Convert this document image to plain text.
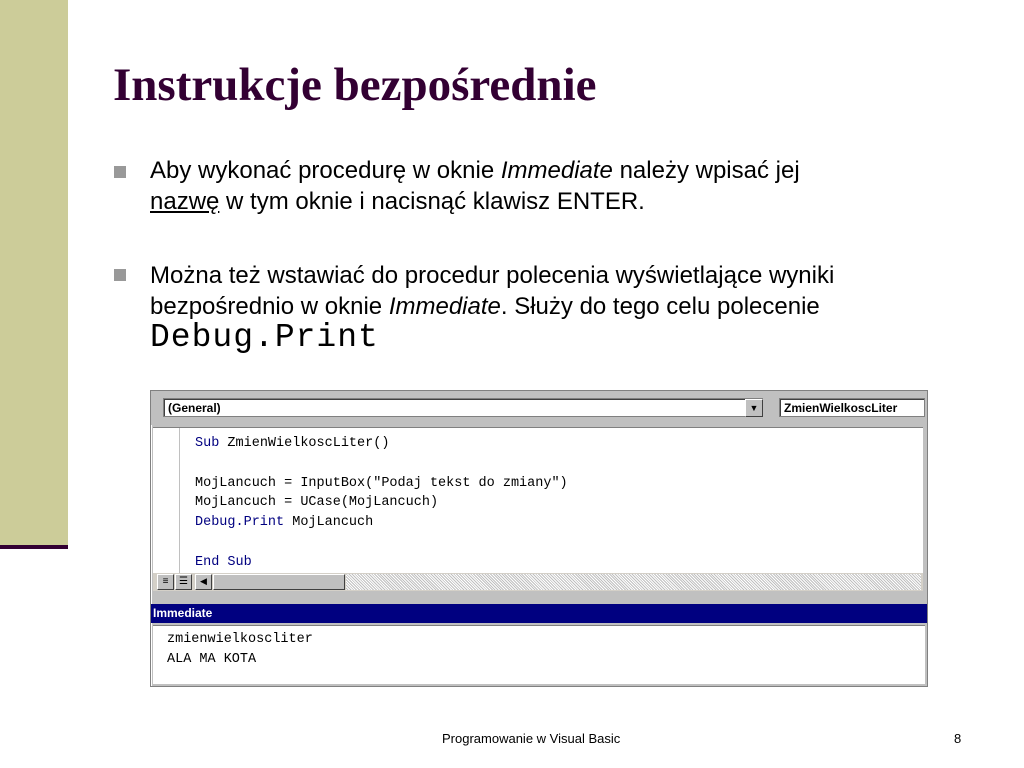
Instrukcje bezpośrednie
Aby wykonać procedurę w oknie Immediate należy wpisać jej
nazwę w tym oknie i nacisnąć klawisz ENTER.
Można też wstawiać do procedur polecenia wyświetlające wyniki bezpośrednio w oknie Immediate. Służy do tego celu polecenie
Debug.Print
(General)	▼	ZmienWielkoscLiter
Sub ZmienWielkoscLiter()
MojLancuch = InputBox("Podaj tekst do zmiany")
MojLancuch = UCase(MojLancuch)
Debug.Print MojLancuch
End Sub
≡	☰	◀
Immediate
zmienwielkoscliter
ALA MA KOTA
Programowanie w Visual Basic	8
